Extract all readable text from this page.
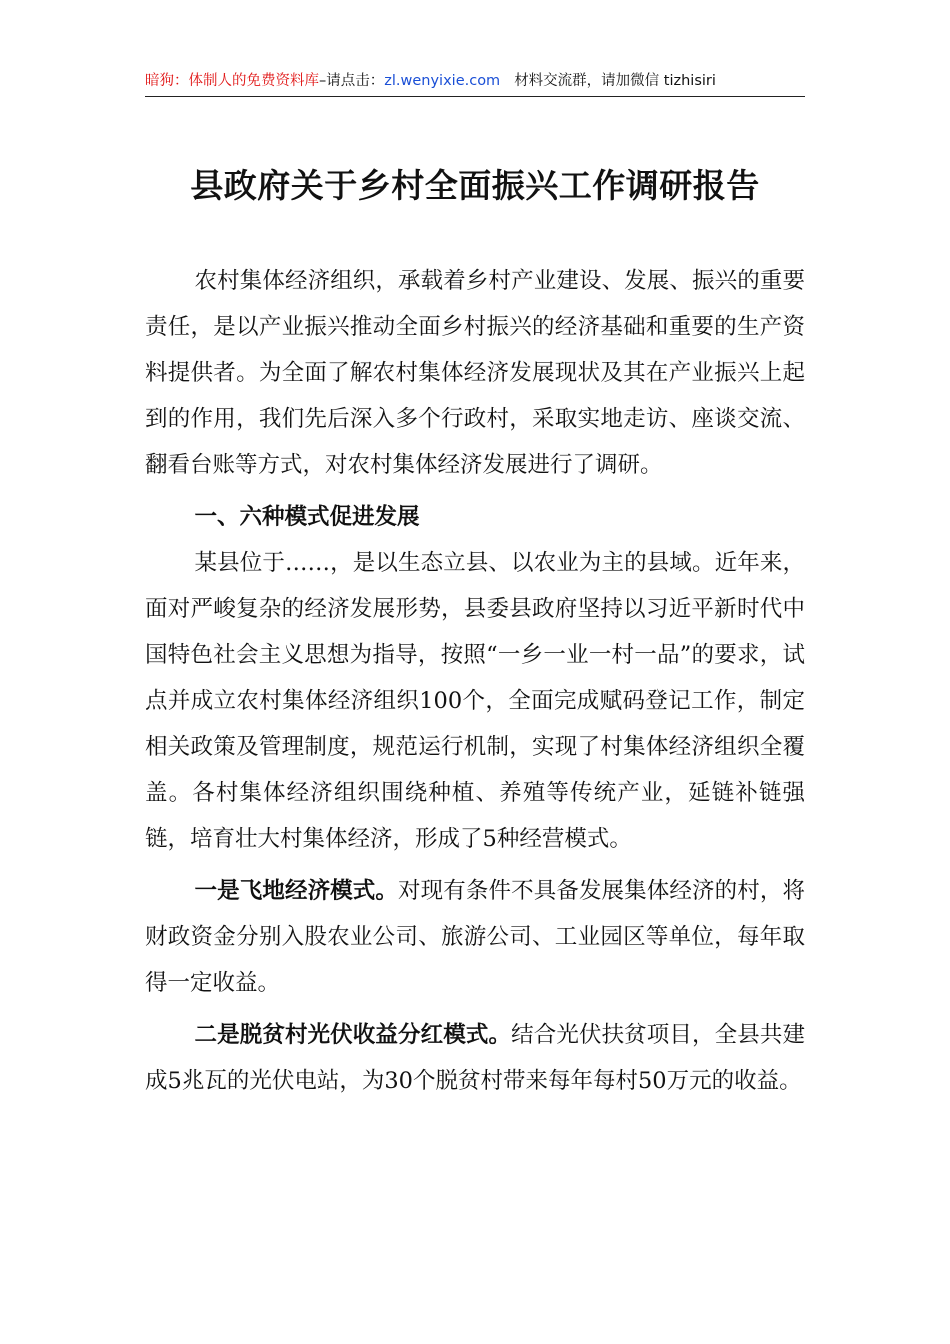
暗狗：体制人的免费资料库–请点击：zl.wenyixie.com 材料交流群，请加微信 tizhisiri
县政府关于乡村全面振兴工作调研报告

农村集体经济组织，承载着乡村产业建设、发展、振兴的重要责任，是以产业振兴推动全面乡村振兴的经济基础和重要的生产资料提供者。为全面了解农村集体经济发展现状及其在产业振兴上起到的作用，我们先后深入多个行政村，采取实地走访、座谈交流、翻看台账等方式，对农村集体经济发展进行了调研。

一、六种模式促进发展

某县位于……，是以生态立县、以农业为主的县域。近年来，面对严峻复杂的经济发展形势，县委县政府坚持以习近平新时代中国特色社会主义思想为指导，按照“一乡一业一村一品”的要求，试点并成立农村集体经济组织100个，全面完成赋码登记工作，制定相关政策及管理制度，规范运行机制，实现了村集体经济组织全覆盖。各村集体经济组织围绕种植、养殖等传统产业，延链补链强链，培育壮大村集体经济，形成了5种经营模式。

一是飞地经济模式。对现有条件不具备发展集体经济的村，将财政资金分别入股农业公司、旅游公司、工业园区等单位，每年取得一定收益。

二是脱贫村光伏收益分红模式。结合光伏扶贫项目，全县共建成5兆瓦的光伏电站，为30个脱贫村带来每年每村50万元的收益。
